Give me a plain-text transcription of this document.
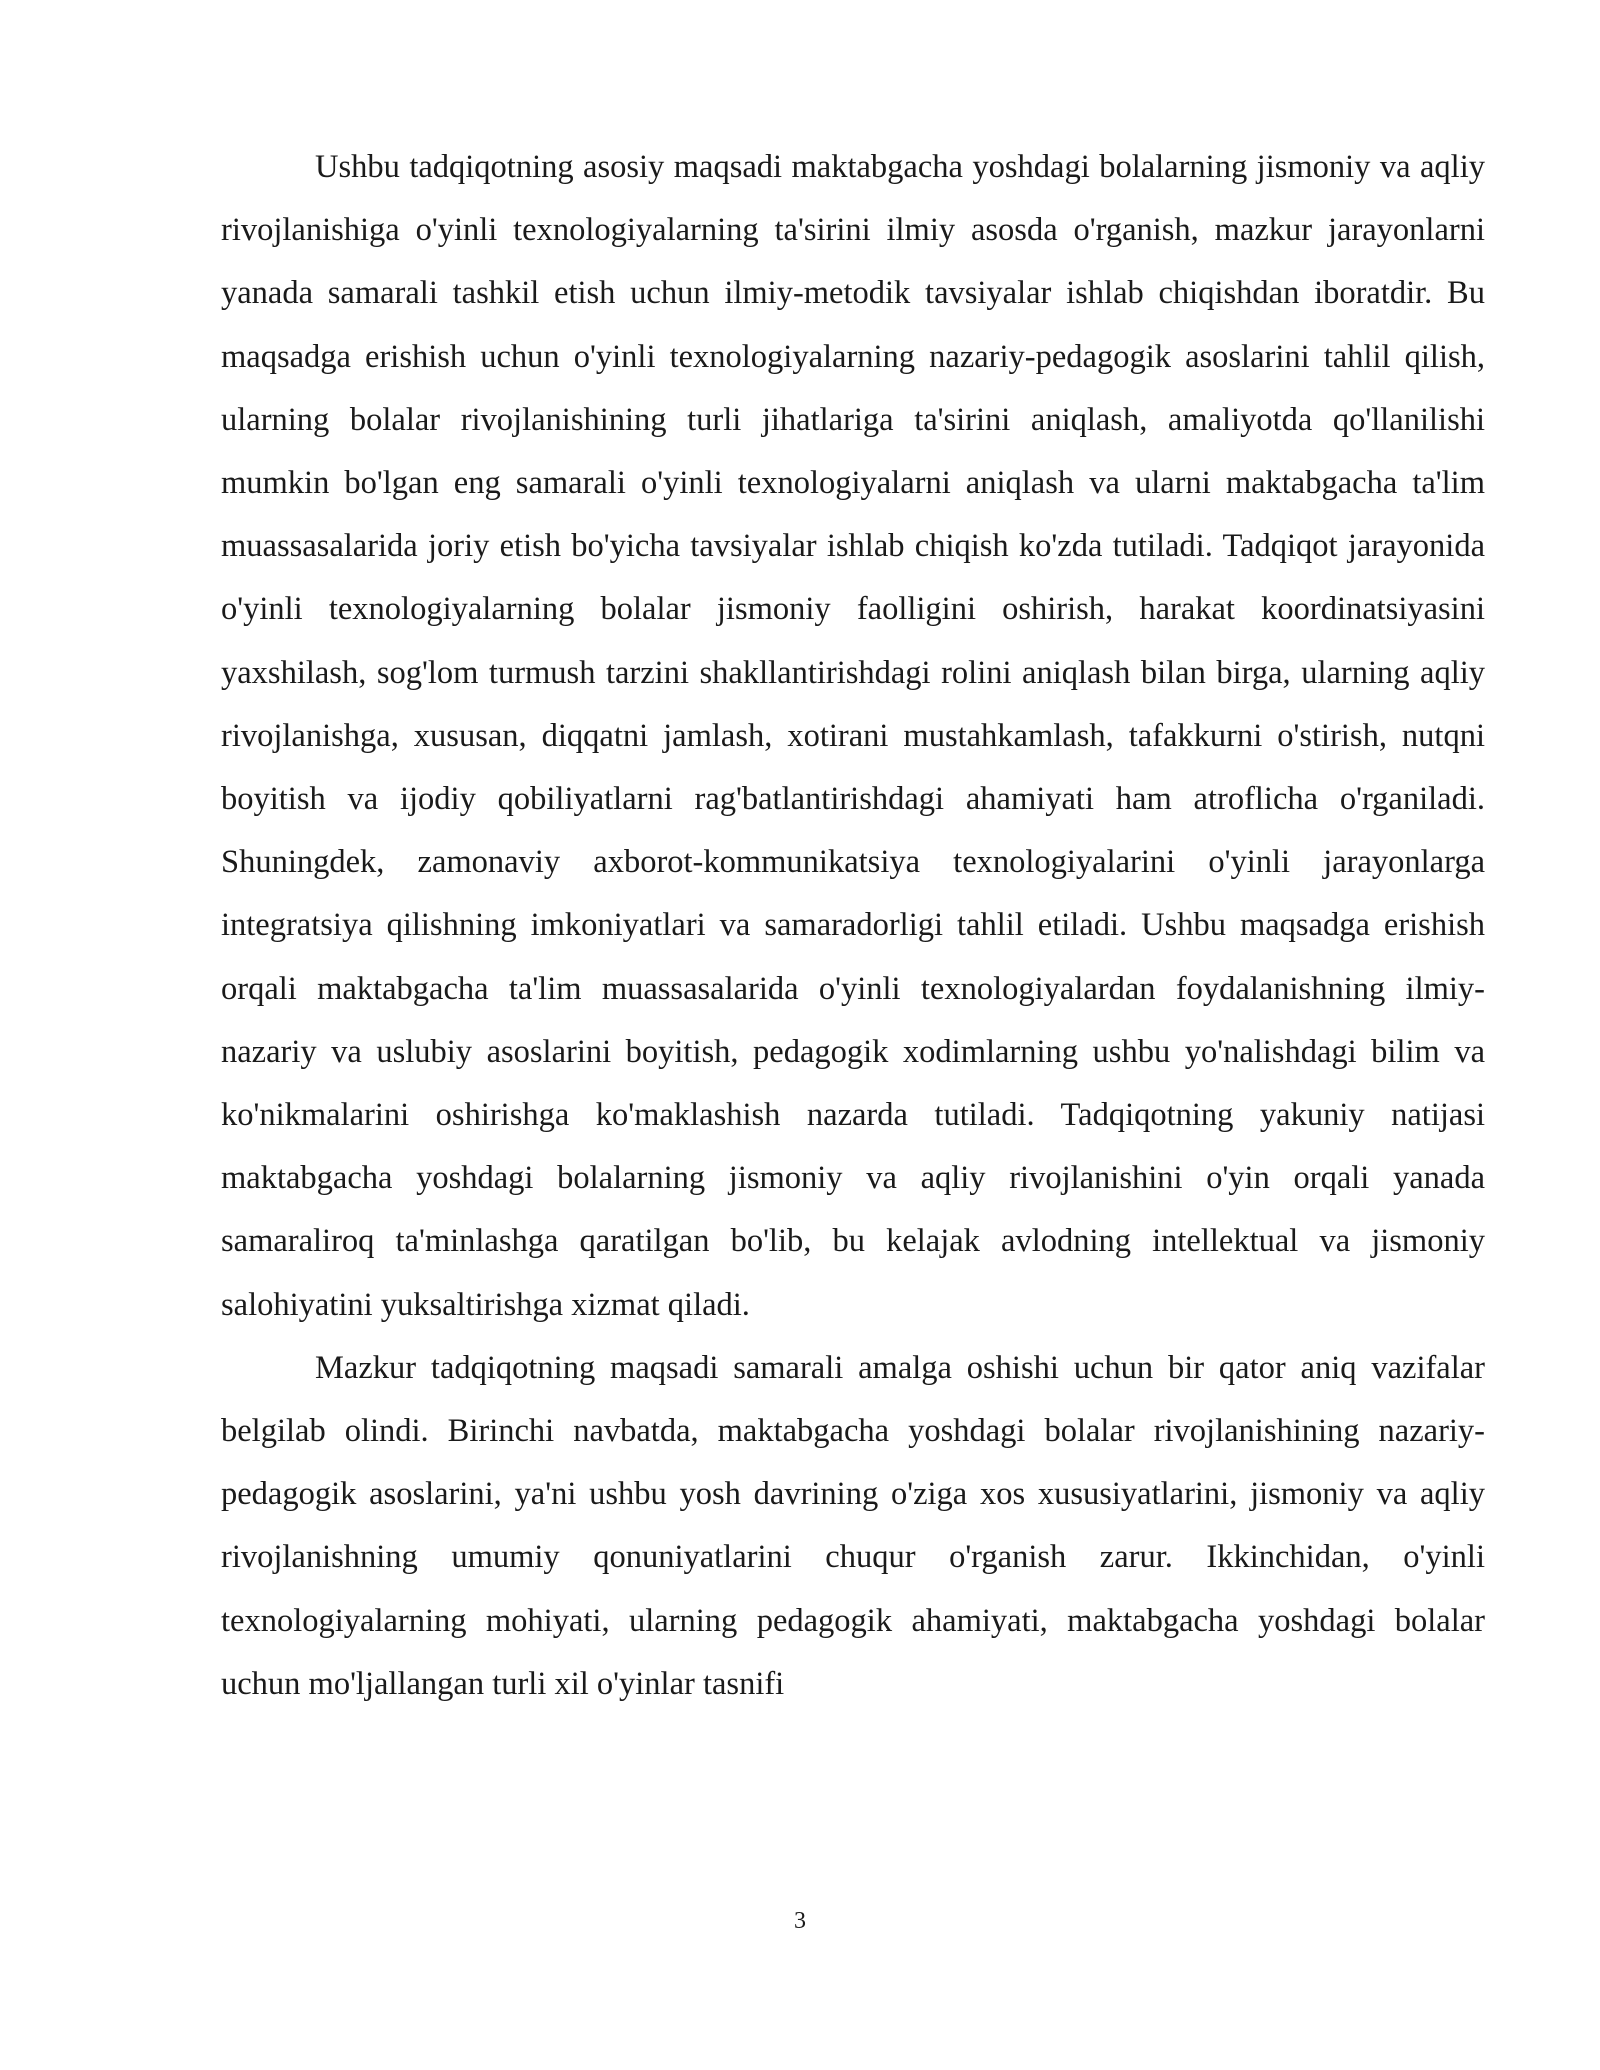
Ushbu tadqiqotning asosiy maqsadi maktabgacha yoshdagi bolalarning jismoniy va aqliy rivojlanishiga o'yinli texnologiyalarning ta'sirini ilmiy asosda o'rganish, mazkur jarayonlarni yanada samarali tashkil etish uchun ilmiy-metodik tavsiyalar ishlab chiqishdan iboratdir. Bu maqsadga erishish uchun o'yinli texnologiyalarning nazariy-pedagogik asoslarini tahlil qilish, ularning bolalar rivojlanishining turli jihatlariga ta'sirini aniqlash, amaliyotda qo'llanilishi mumkin bo'lgan eng samarali o'yinli texnologiyalarni aniqlash va ularni maktabgacha ta'lim muassasalarida joriy etish bo'yicha tavsiyalar ishlab chiqish ko'zda tutiladi. Tadqiqot jarayonida o'yinli texnologiyalarning bolalar jismoniy faolligini oshirish, harakat koordinatsiyasini yaxshilash, sog'lom turmush tarzini shakllantirishdagi rolini aniqlash bilan birga, ularning aqliy rivojlanishga, xususan, diqqatni jamlash, xotirani mustahkamlash, tafakkurni o'stirish, nutqni boyitish va ijodiy qobiliyatlarni rag'batlantirishdagi ahamiyati ham atroflicha o'rganiladi. Shuningdek, zamonaviy axborot-kommunikatsiya texnologiyalarini o'yinli jarayonlarga integratsiya qilishning imkoniyatlari va samaradorligi tahlil etiladi. Ushbu maqsadga erishish orqali maktabgacha ta'lim muassasalarida o'yinli texnologiyalardan foydalanishning ilmiy-nazariy va uslubiy asoslarini boyitish, pedagogik xodimlarning ushbu yo'nalishdagi bilim va ko'nikmalarini oshirishga ko'maklashish nazarda tutiladi. Tadqiqotning yakuniy natijasi maktabgacha yoshdagi bolalarning jismoniy va aqliy rivojlanishini o'yin orqali yanada samaraliroq ta'minlashga qaratilgan bo'lib, bu kelajak avlodning intellektual va jismoniy salohiyatini yuksaltirishga xizmat qiladi.

Mazkur tadqiqotning maqsadi samarali amalga oshishi uchun bir qator aniq vazifalar belgilab olindi. Birinchi navbatda, maktabgacha yoshdagi bolalar rivojlanishining nazariy-pedagogik asoslarini, ya'ni ushbu yosh davrining o'ziga xos xususiyatlarini, jismoniy va aqliy rivojlanishning umumiy qonuniyatlarini chuqur o'rganish zarur. Ikkinchidan, o'yinli texnologiyalarning mohiyati, ularning pedagogik ahamiyati, maktabgacha yoshdagi bolalar uchun mo'ljallangan turli xil o'yinlar tasnifi

3
